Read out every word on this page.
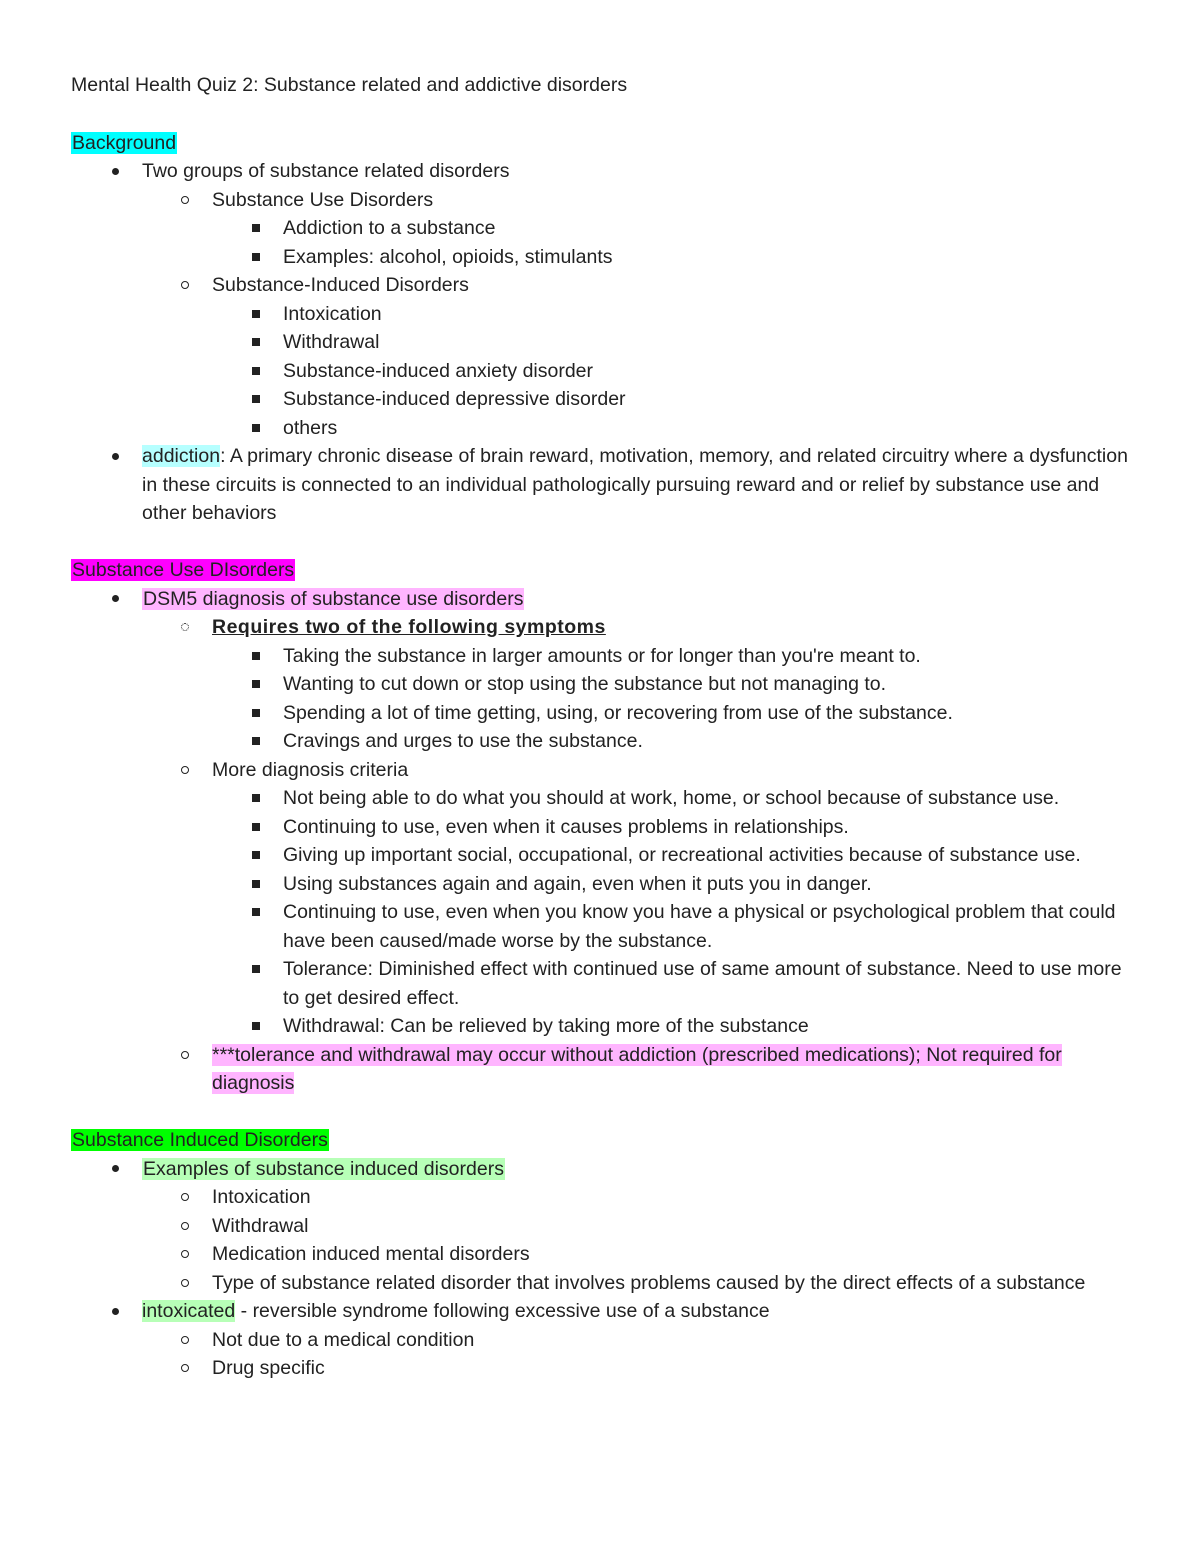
Mental Health Quiz 2: Substance related and addictive disorders

Background

Two groups of substance related disorders
Substance Use Disorders
Addiction to a substance
Examples: alcohol, opioids, stimulants
Substance-Induced Disorders
Intoxication
Withdrawal
Substance-induced anxiety disorder
Substance-induced depressive disorder
others
addiction: A primary chronic disease of brain reward, motivation, memory, and related circuitry where a dysfunction in these circuits is connected to an individual pathologically pursuing reward and or relief by substance use and other behaviors

Substance Use DIsorders

DSM5 diagnosis of substance use disorders
Requires two of the following symptoms
Taking the substance in larger amounts or for longer than you're meant to.
Wanting to cut down or stop using the substance but not managing to.
Spending a lot of time getting, using, or recovering from use of the substance.
Cravings and urges to use the substance.
More diagnosis criteria
Not being able to do what you should at work, home, or school because of substance use.
Continuing to use, even when it causes problems in relationships.
Giving up important social, occupational, or recreational activities because of substance use.
Using substances again and again, even when it puts you in danger.
Continuing to use, even when you know you have a physical or psychological problem that could have been caused/made worse by the substance.
Tolerance: Diminished effect with continued use of same amount of substance. Need to use more to get desired effect.
Withdrawal: Can be relieved by taking more of the substance
***tolerance and withdrawal may occur without addiction (prescribed medications); Not required for diagnosis

Substance Induced Disorders

Examples of substance induced disorders
Intoxication
Withdrawal
Medication induced mental disorders
Type of substance related disorder that involves problems caused by the direct effects of a substance
intoxicated - reversible syndrome following excessive use of a substance
Not due to a medical condition
Drug specific
